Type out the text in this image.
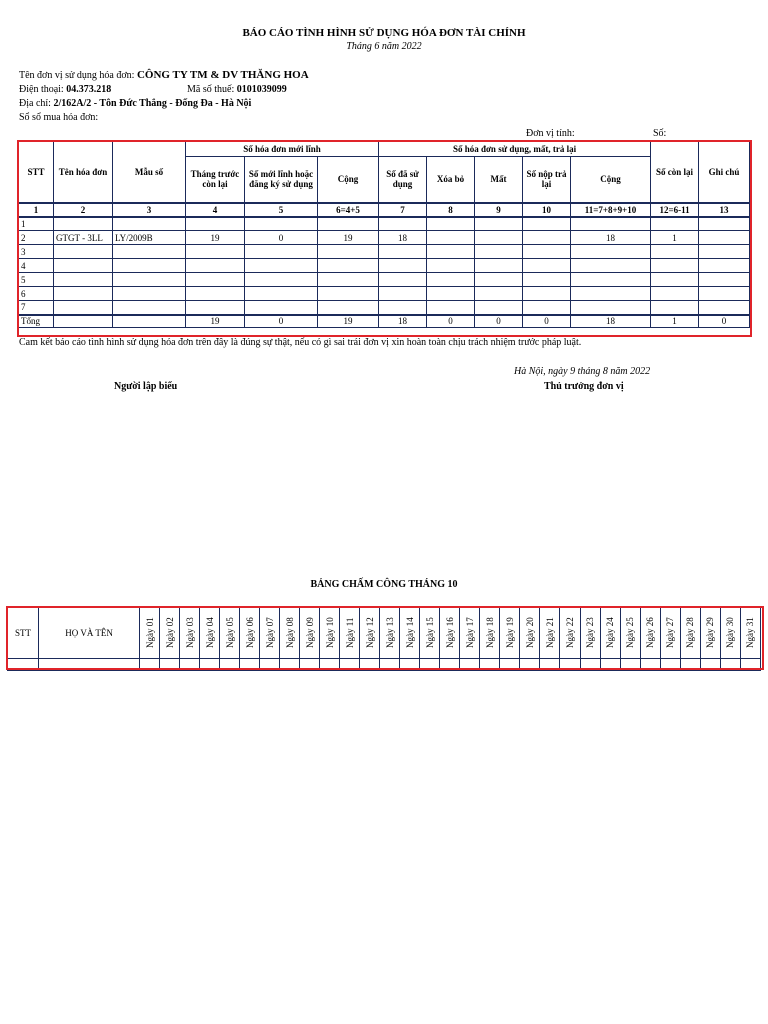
BÁO CÁO TÌNH HÌNH SỬ DỤNG HÓA ĐƠN TÀI CHÍNH
Tháng 6 năm 2022
Tên đơn vị sử dụng hóa đơn: CÔNG TY TM & DV THĂNG HOA
Điện thoại: 04.373.218	Mã số thuế: 0101039099
Địa chỉ: 2/162A/2 - Tôn Đức Thắng - Đống Đa - Hà Nội
Sổ sổ mua hóa đơn:
Đơn vị tính:	Số:
STT	Tên hóa đơn	Mẫu số	Số hóa đơn mới lĩnh			Số hóa đơn sử dụng, mất, trả lại					Số còn lại	Ghi chú
			Tháng trước còn lại	Số mới lĩnh hoặc đăng ký sử dụng	Cộng	Số đã sử dụng	Xóa bỏ	Mất	Số nộp trả lại	Cộng		
1	2	3	4	5	6=4+5	7	8	9	10	11=7+8+9+10	12=6-11	13
1												
2	GTGT - 3LL	LY/2009B	19	0	19	18				18	1	
3												
4												
5												
6												
7												
Tổng			19	0	19	18	0	0	0	18	1	0
Cam kết báo cáo tình hình sử dụng hóa đơn trên đây là đúng sự thật, nếu có gì sai trái đơn vị xin hoàn toàn chịu trách nhiệm trước pháp luật.
Hà Nội, ngày 9 tháng 8 năm 2022
Người lập biểu	Thủ trưởng đơn vị
BẢNG CHẤM CÔNG THÁNG 10
STT	HỌ VÀ TÊN	Ngày 01	Ngày 02	Ngày 03	Ngày 04	Ngày 05	Ngày 06	Ngày 07	Ngày 08	Ngày 09	Ngày 10	Ngày 11	Ngày 12	Ngày 13	Ngày 14	Ngày 15	Ngày 16	Ngày 17	Ngày 18	Ngày 19	Ngày 20	Ngày 21	Ngày 22	Ngày 23	Ngày 24	Ngày 25	Ngày 26	Ngày 27	Ngày 28	Ngày 29	Ngày 30	Ngày 31
